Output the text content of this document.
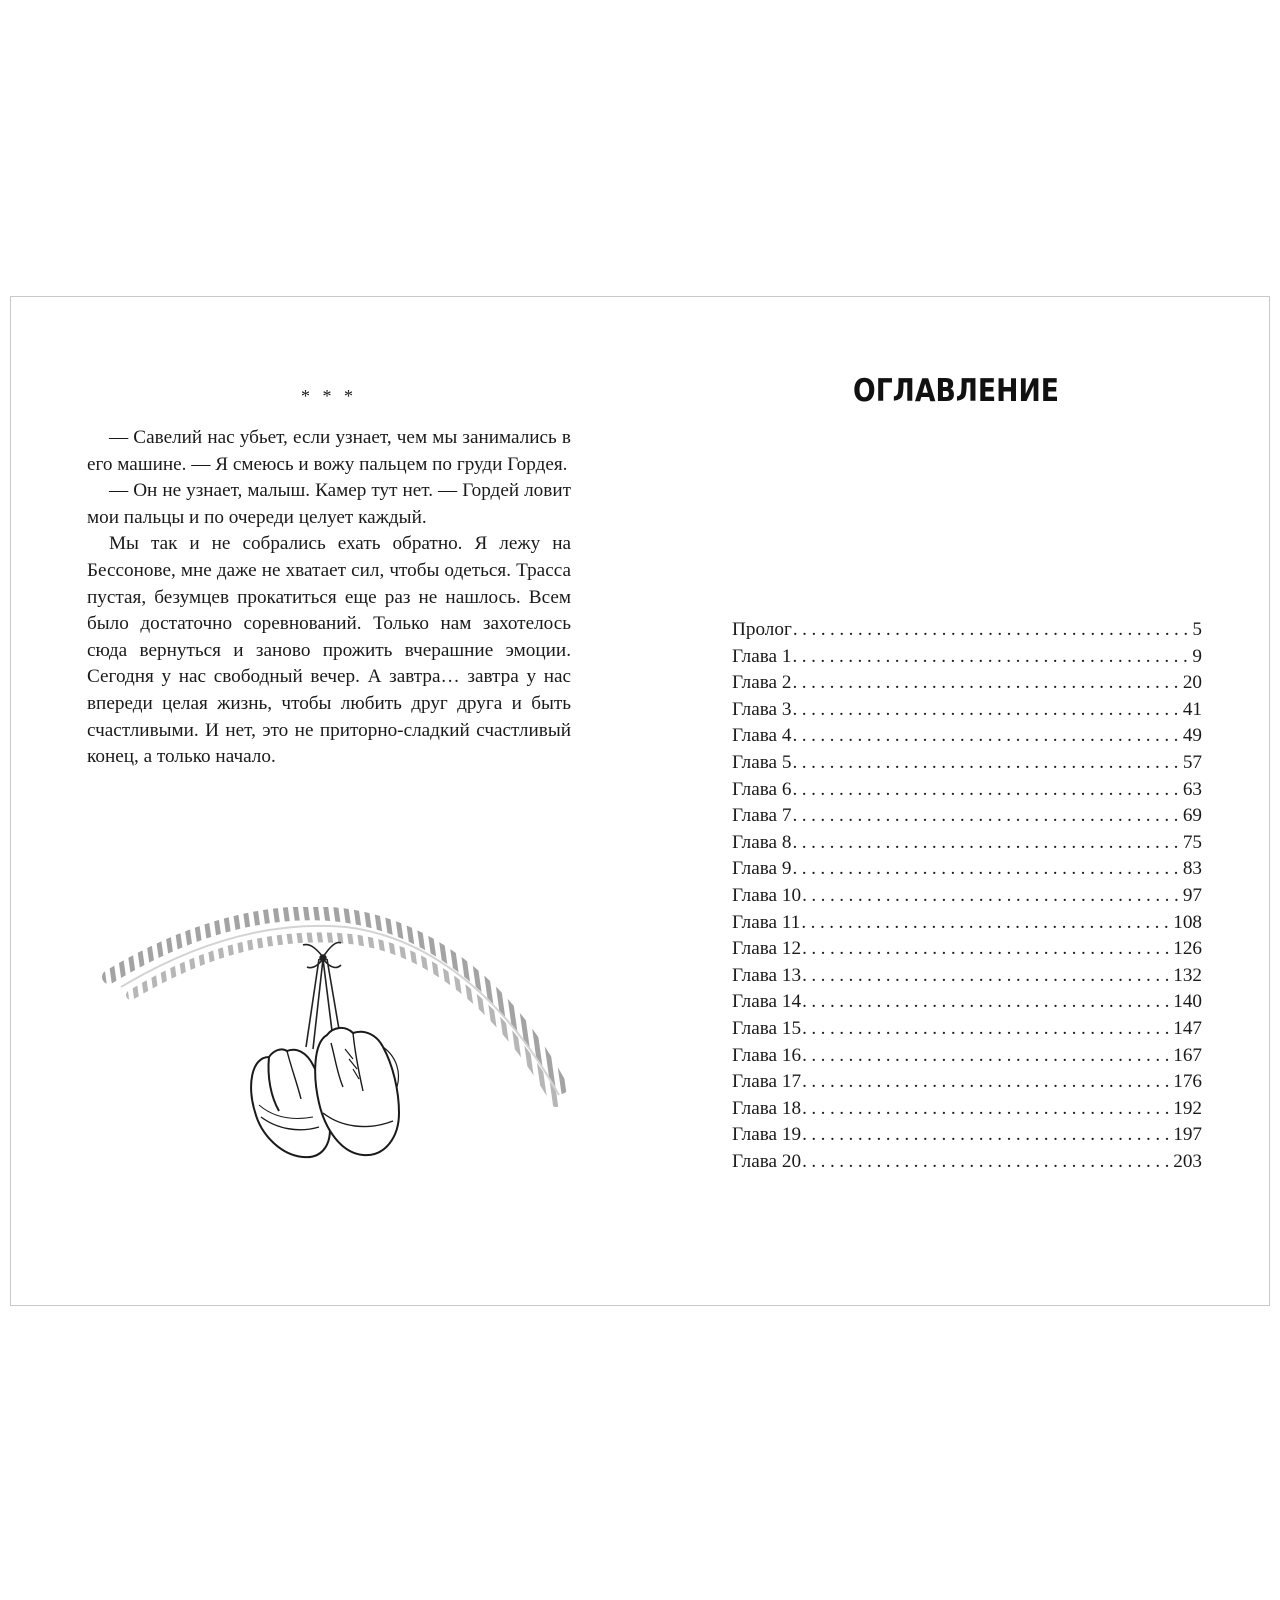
* * *

— Савелий нас убьет, если узнает, чем мы занимались в его машине. — Я смеюсь и вожу пальцем по груди Гордея.

— Он не узнает, малыш. Камер тут нет. — Гордей ловит мои пальцы и по очереди целует каждый.

Мы так и не собрались ехать обратно. Я лежу на Бессонове, мне даже не хватает сил, чтобы одеться. Трасса пустая, безумцев прокатиться еще раз не нашлось. Всем было достаточно соревнований. Только нам захотелось сюда вернуться и заново прожить вчерашние эмоции. Сегодня у нас свободный вечер. А завтра… завтра у нас впереди целая жизнь, чтобы любить друг друга и быть счастливыми. И нет, это не приторно-сладкий счастливый конец, а только начало.

ОГЛАВЛЕНИЕ
Пролог .....	5
Глава 1 .....	9
Глава 2 .....	20
Глава 3 .....	41
Глава 4 .....	49
Глава 5 .....	57
Глава 6 .....	63
Глава 7 .....	69
Глава 8 .....	75
Глава 9 .....	83
Глава 10 .....	97
Глава 11 .....	108
Глава 12 .....	126
Глава 13 .....	132
Глава 14 .....	140
Глава 15 .....	147
Глава 16 .....	167
Глава 17 .....	176
Глава 18 .....	192
Глава 19 .....	197
Глава 20 .....	203
